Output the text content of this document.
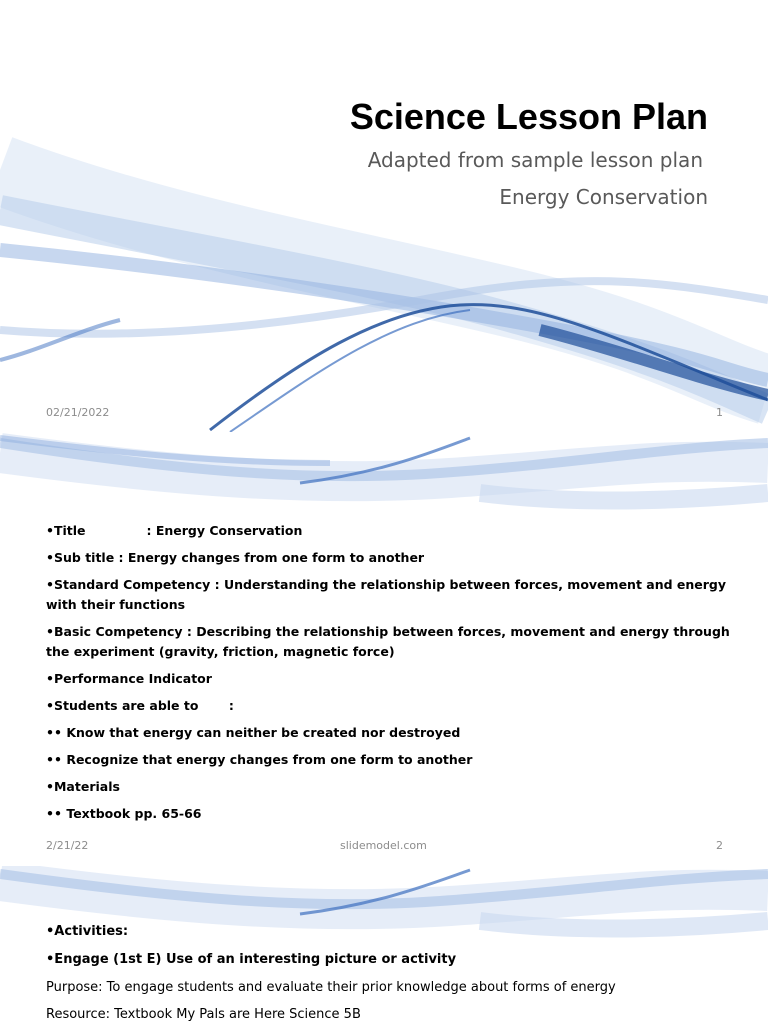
Science Lesson Plan
Adapted from sample lesson plan
Energy Conservation
02/21/2022	1

•Title              : Energy Conservation

•Sub title : Energy changes from one form to another

•Standard Competency : Understanding the relationship between forces, movement and energy with their functions

•Basic Competency : Describing the relationship between forces, movement and energy through the experiment (gravity, friction, magnetic force)

•Performance Indicator

•Students are able to       :

•• Know that energy can neither be created nor destroyed

•• Recognize that energy changes from one form to another

•Materials

•• Textbook pp. 65-66

2/21/22	slidemodel.com	2
•Activities:
•Engage (1st E) Use of an interesting picture or activity
Purpose: To engage students and evaluate their prior knowledge about forms of energy
Resource: Textbook My Pals are Here Science 5B
